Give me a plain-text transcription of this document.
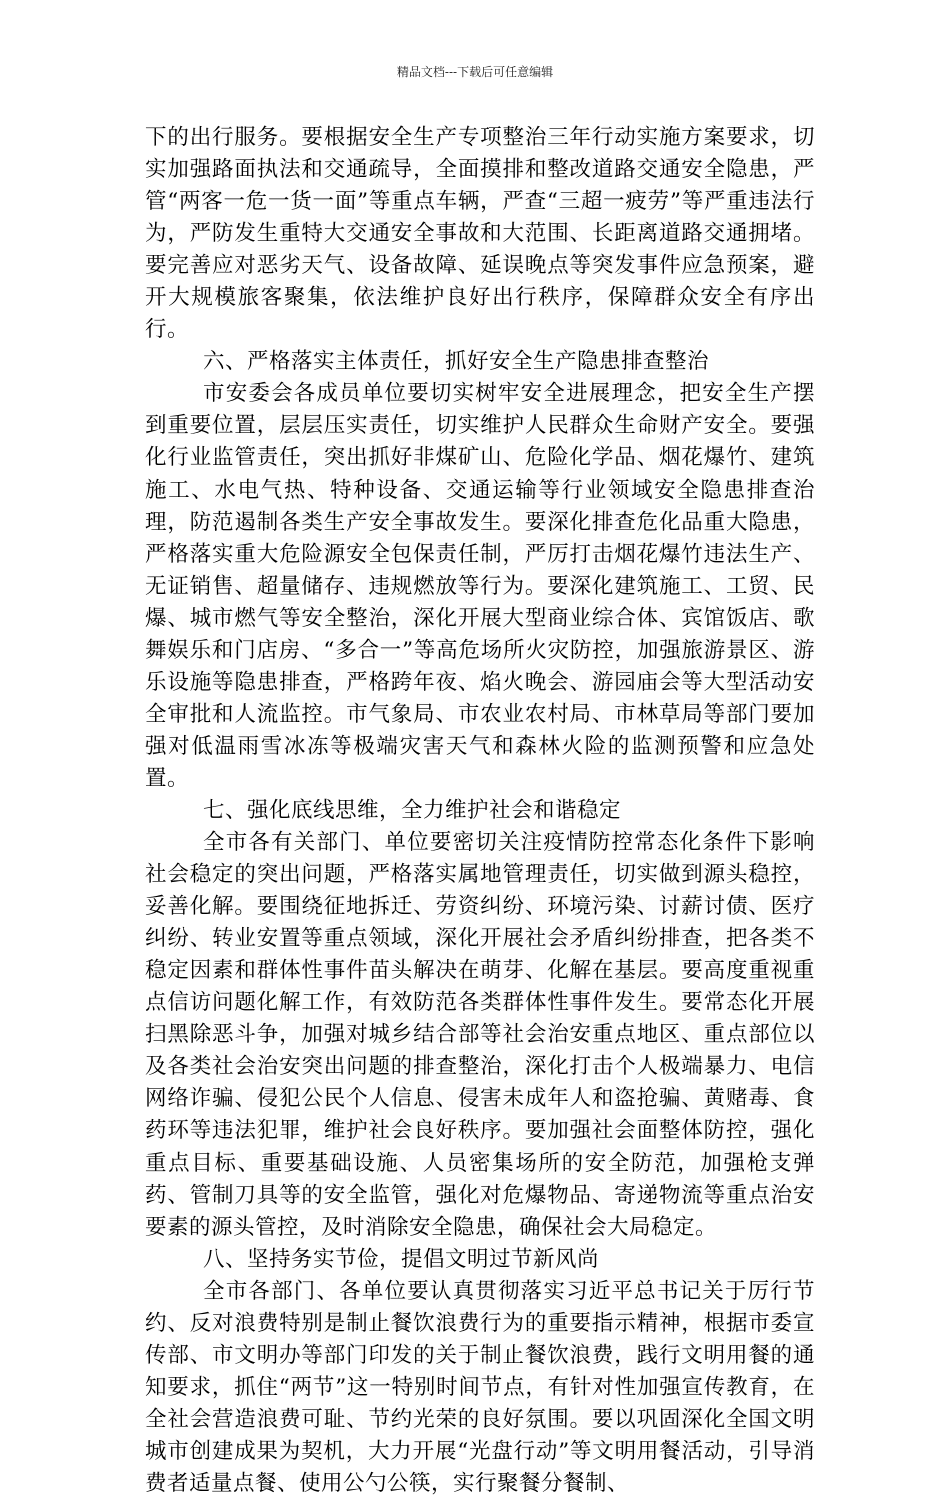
精品文档---下载后可任意编辑

下的出行服务。要根据安全生产专项整治三年行动实施方案要求，切实加强路面执法和交通疏导，全面摸排和整改道路交通安全隐患，严管“两客一危一货一面”等重点车辆，严查“三超一疲劳”等严重违法行为，严防发生重特大交通安全事故和大范围、长距离道路交通拥堵。要完善应对恶劣天气、设备故障、延误晚点等突发事件应急预案，避开大规模旅客聚集，依法维护良好出行秩序，保障群众安全有序出行。

六、严格落实主体责任，抓好安全生产隐患排查整治

市安委会各成员单位要切实树牢安全进展理念，把安全生产摆到重要位置，层层压实责任，切实维护人民群众生命财产安全。要强化行业监管责任，突出抓好非煤矿山、危险化学品、烟花爆竹、建筑施工、水电气热、特种设备、交通运输等行业领域安全隐患排查治理，防范遏制各类生产安全事故发生。要深化排查危化品重大隐患，严格落实重大危险源安全包保责任制，严厉打击烟花爆竹违法生产、无证销售、超量储存、违规燃放等行为。要深化建筑施工、工贸、民爆、城市燃气等安全整治，深化开展大型商业综合体、宾馆饭店、歌舞娱乐和门店房、“多合一”等高危场所火灾防控，加强旅游景区、游乐设施等隐患排查，严格跨年夜、焰火晚会、游园庙会等大型活动安全审批和人流监控。市气象局、市农业农村局、市林草局等部门要加强对低温雨雪冰冻等极端灾害天气和森林火险的监测预警和应急处置。

七、强化底线思维，全力维护社会和谐稳定

全市各有关部门、单位要密切关注疫情防控常态化条件下影响社会稳定的突出问题，严格落实属地管理责任，切实做到源头稳控，妥善化解。要围绕征地拆迁、劳资纠纷、环境污染、讨薪讨债、医疗纠纷、转业安置等重点领域，深化开展社会矛盾纠纷排查，把各类不稳定因素和群体性事件苗头解决在萌芽、化解在基层。要高度重视重点信访问题化解工作，有效防范各类群体性事件发生。要常态化开展扫黑除恶斗争，加强对城乡结合部等社会治安重点地区、重点部位以及各类社会治安突出问题的排查整治，深化打击个人极端暴力、电信网络诈骗、侵犯公民个人信息、侵害未成年人和盗抢骗、黄赌毒、食药环等违法犯罪，维护社会良好秩序。要加强社会面整体防控，强化重点目标、重要基础设施、人员密集场所的安全防范，加强枪支弹药、管制刀具等的安全监管，强化对危爆物品、寄递物流等重点治安要素的源头管控，及时消除安全隐患，确保社会大局稳定。

八、坚持务实节俭，提倡文明过节新风尚

全市各部门、各单位要认真贯彻落实习近平总书记关于厉行节约、反对浪费特别是制止餐饮浪费行为的重要指示精神，根据市委宣传部、市文明办等部门印发的关于制止餐饮浪费，践行文明用餐的通知要求，抓住“两节”这一特别时间节点，有针对性加强宣传教育，在全社会营造浪费可耻、节约光荣的良好氛围。要以巩固深化全国文明城市创建成果为契机，大力开展“光盘行动”等文明用餐活动，引导消费者适量点餐、使用公勺公筷，实行聚餐分餐制、
